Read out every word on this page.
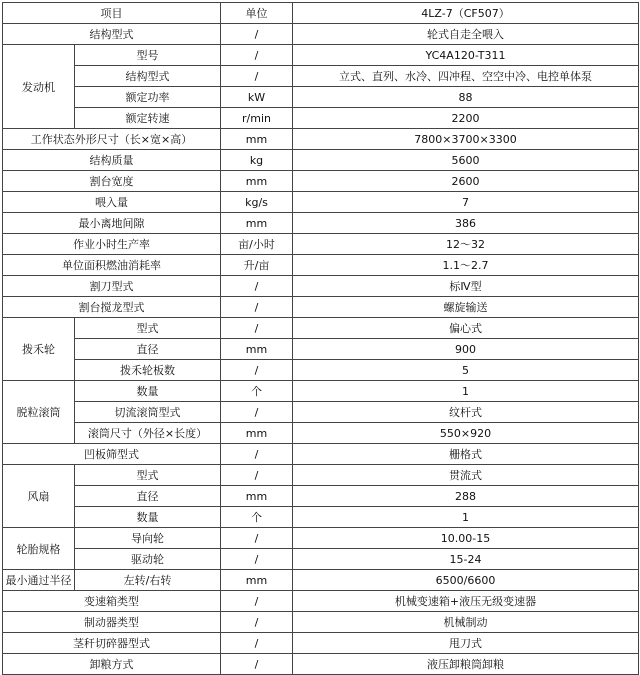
项目		单位	4LZ-7（CF507）
结构型式		/	轮式自走全喂入
发动机	型号	/	YC4A120-T311
	结构型式	/	立式、直列、水冷、四冲程、空空中冷、电控单体泵
	额定功率	kW	88
	额定转速	r/min	2200
工作状态外形尺寸（长×宽×高）		mm	7800×3700×3300
结构质量		kg	5600
割台宽度		mm	2600
喂入量		kg/s	7
最小离地间隙		mm	386
作业小时生产率		亩/小时	12～32
单位面积燃油消耗率		升/亩	1.1～2.7
割刀型式		/	标Ⅳ型
割台搅龙型式		/	螺旋输送
拨禾轮	型式	/	偏心式
	直径	mm	900
	拨禾轮板数	/	5
脱粒滚筒	数量	个	1
	切流滚筒型式	/	纹杆式
	滚筒尺寸（外径×长度）	mm	550×920
凹板筛型式		/	栅格式
风扇	型式	/	贯流式
	直径	mm	288
	数量	个	1
轮胎规格	导向轮	/	10.00-15
	驱动轮	/	15-24
最小通过半径	左转/右转	mm	6500/6600
变速箱类型		/	机械变速箱+液压无级变速器
制动器类型		/	机械制动
茎秆切碎器型式		/	甩刀式
卸粮方式		/	液压卸粮筒卸粮
